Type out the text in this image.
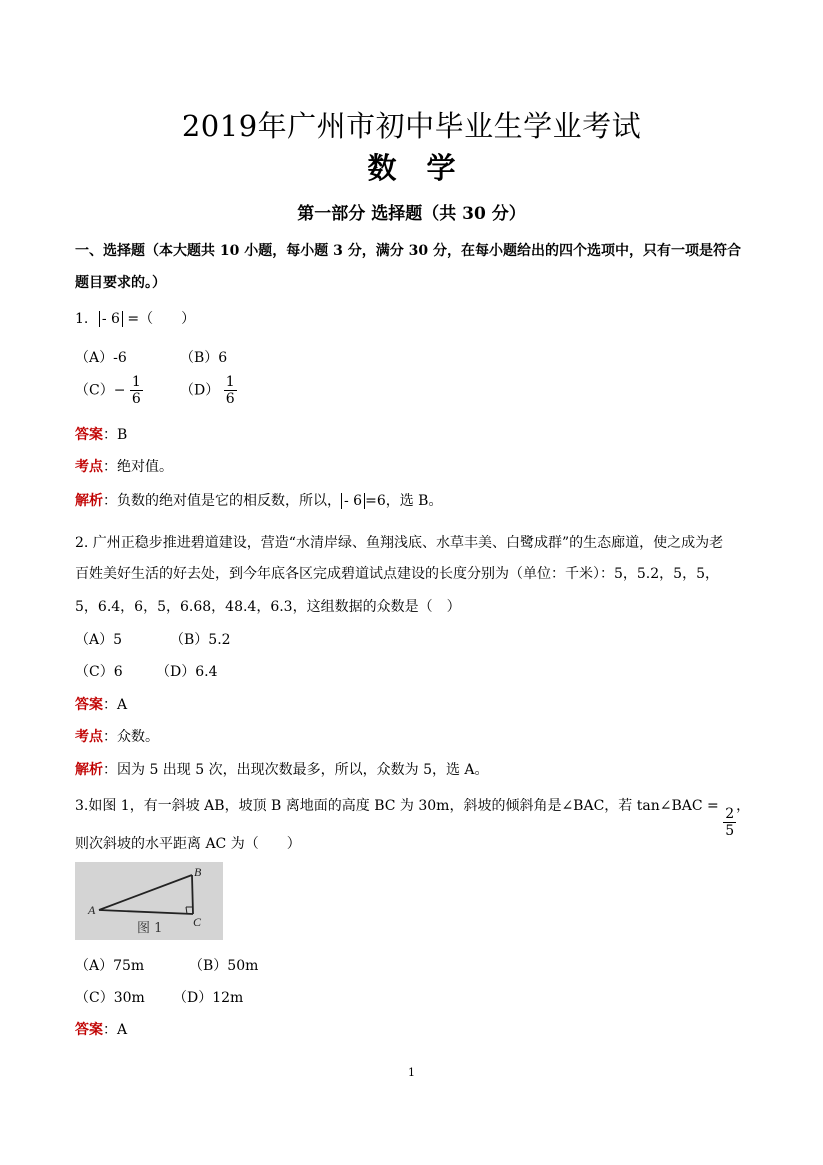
2019年广州市初中毕业生学业考试
数学
第一部分 选择题（共 30 分）
一、选择题（本大题共 10 小题，每小题 3 分，满分 30 分，在每小题给出的四个选项中，只有一项是符合
题目要求的。）
1. - 6 =（　　）
（A）-6	（B）6
$(C)- \frac{1}{6}$	$(D) \frac{1}{6}$
答案：B
考点：绝对值。
解析：负数的绝对值是它的相反数，所以， - 6 =6，选 B。
2. 广州正稳步推进碧道建设，营造“水清岸绿、鱼翔浅底、水草丰美、白鹭成群”的生态廊道，使之成为老
百姓美好生活的好去处，到今年底各区完成碧道试点建设的长度分别为（单位：千米）：5，5.2，5，5，
5，6.4，6，5，6.68，48.4，6.3，这组数据的众数是（　）
（A）5	（B）5.2
（C）6 （D）6.4
答案：A
考点：众数。
解析：因为 5 出现 5 次，出现次数最多，所以，众数为 5，选 A。
3.如图 1，有一斜坡 AB，坡顶 B 离地面的高度 BC 为 30m，斜坡的倾斜角是∠BAC，若 tan∠BAC = $\frac{2}{5}$ ，
则次斜坡的水平距离 AC 为（　　）
A
B
C
图 1
（A）75m	（B）50m
（C）30m （D）12m
答案：A
1
